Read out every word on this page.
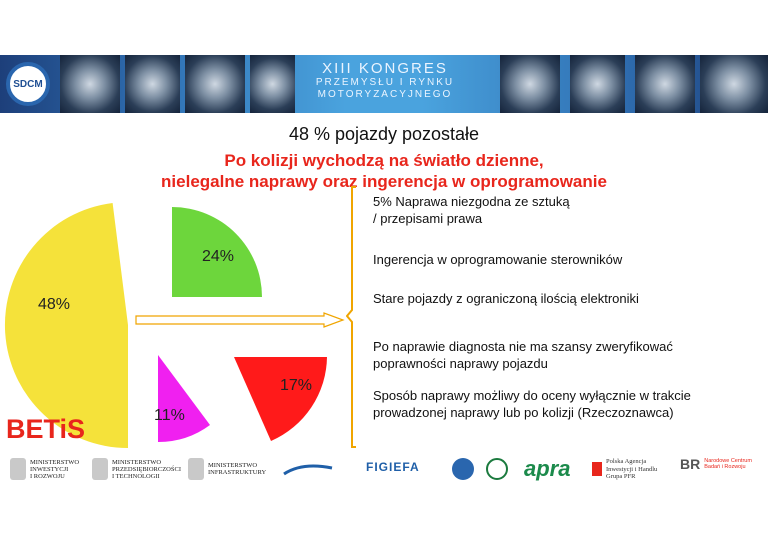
SDCM
XIII KONGRES
PRZEMYSŁU I RYNKU
MOTORYZACYJNEGO
48 % pojazdy pozostałe
Po kolizji wychodzą na światło dzienne,
nielegalne naprawy oraz ingerencja w oprogramowanie
48%
24%
17%
11%
5% Naprawa niezgodna ze sztuką
/ przepisami prawa
Ingerencja w oprogramowanie sterowników
Stare pojazdy z ograniczoną ilością elektroniki
Po naprawie diagnosta nie ma szansy zweryfikować
poprawności naprawy pojazdu
Sposób naprawy możliwy do oceny wyłącznie w trakcie
prowadzonej naprawy lub po kolizji (Rzeczoznawca)
BETiS
MINISTERSTWO
INWESTYCJI
I ROZWOJU
MINISTERSTWO
PRZEDSIĘBIORCZOŚCI
I TECHNOLOGII
MINISTERSTWO
INFRASTRUKTURY	FIGIEFA	apra	Polska Agencja
Inwestycji i Handlu
Grupa PFR
BR Narodowe Centrum
Badań i Rozwoju
